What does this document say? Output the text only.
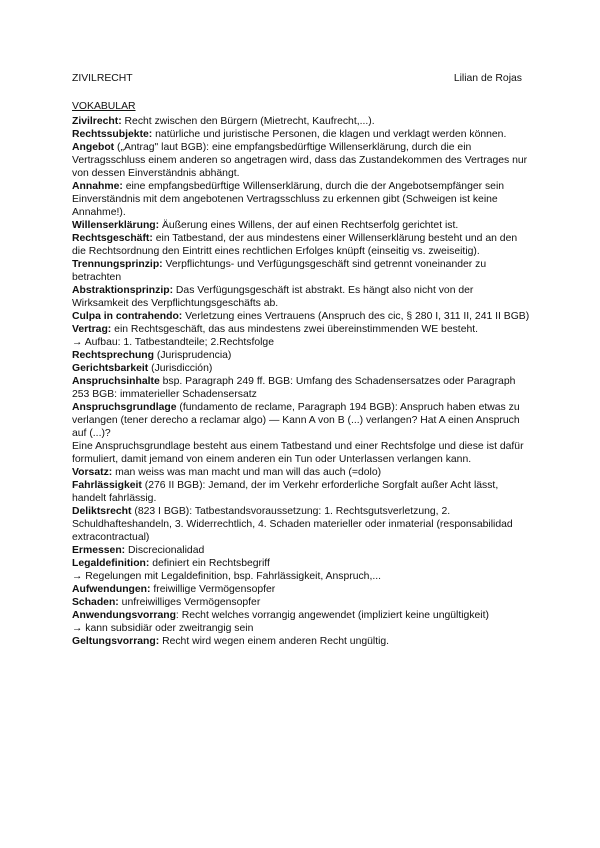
ZIVILRECHT	Lilian de Rojas
VOKABULAR

Zivilrecht: Recht zwischen den Bürgern (Mietrecht, Kaufrecht,...).

Rechtssubjekte: natürliche und juristische Personen, die klagen und verklagt werden können.

Angebot („Antrag" laut BGB): eine empfangsbedürftige Willenserklärung, durch die ein Vertragsschluss einem anderen so angetragen wird, dass das Zustandekommen des Vertrages nur von dessen Einverständnis abhängt.

Annahme: eine empfangsbedürftige Willenserklärung, durch die der Angebotsempfänger sein Einverständnis mit dem angebotenen Vertragsschluss zu erkennen gibt (Schweigen ist keine Annahme!).

Willenserklärung: Äußerung eines Willens, der auf einen Rechtserfolg gerichtet ist.

Rechtsgeschäft: ein Tatbestand, der aus mindestens einer Willenserklärung besteht und an den die Rechtsordnung den Eintritt eines rechtlichen Erfolges knüpft (einseitig vs. zweiseitig).

Trennungsprinzip: Verpflichtungs- und Verfügungsgeschäft sind getrennt voneinander zu betrachten

Abstraktionsprinzip: Das Verfügungsgeschäft ist abstrakt. Es hängt also nicht von der Wirksamkeit des Verpflichtungsgeschäfts ab.

Culpa in contrahendo: Verletzung eines Vertrauens (Anspruch des cic, § 280 I, 311 II, 241 II BGB)

Vertrag: ein Rechtsgeschäft, das aus mindestens zwei übereinstimmenden WE besteht.

→ Aufbau: 1. Tatbestandteile; 2.Rechtsfolge

Rechtsprechung (Jurisprudencia)

Gerichtsbarkeit (Jurisdicción)

Anspruchsinhalte bsp. Paragraph 249 ff. BGB: Umfang des Schadensersatzes oder Paragraph 253 BGB: immaterieller Schadensersatz

Anspruchsgrundlage (fundamento de reclame, Paragraph 194 BGB): Anspruch haben etwas zu verlangen (tener derecho a reclamar algo) — Kann A von B (...) verlangen? Hat A einen Anspruch auf (...)?

Eine Anspruchsgrundlage besteht aus einem Tatbestand und einer Rechtsfolge und diese ist dafür formuliert, damit jemand von einem anderen ein Tun oder Unterlassen verlangen kann.

Vorsatz: man weiss was man macht und man will das auch (=dolo)

Fahrlässigkeit (276 II BGB): Jemand, der im Verkehr erforderliche Sorgfalt außer Acht lässt, handelt fahrlässig.

Deliktsrecht (823 I BGB): Tatbestandsvoraussetzung: 1. Rechtsgutsverletzung, 2. Schuldhafteshandeln, 3. Widerrechtlich, 4. Schaden materieller oder inmaterial (responsabilidad extracontractual)

Ermessen: Discrecionalidad

Legaldefinition: definiert ein Rechtsbegriff

→ Regelungen mit Legaldefinition, bsp. Fahrlässigkeit, Anspruch,...

Aufwendungen: freiwillige Vermögensopfer

Schaden: unfreiwilliges Vermögensopfer

Anwendungsvorrang: Recht welches vorrangig angewendet (impliziert keine ungültigkeit)

→ kann subsidiär oder zweitrangig sein

Geltungsvorrang: Recht wird wegen einem anderen Recht ungültig.
